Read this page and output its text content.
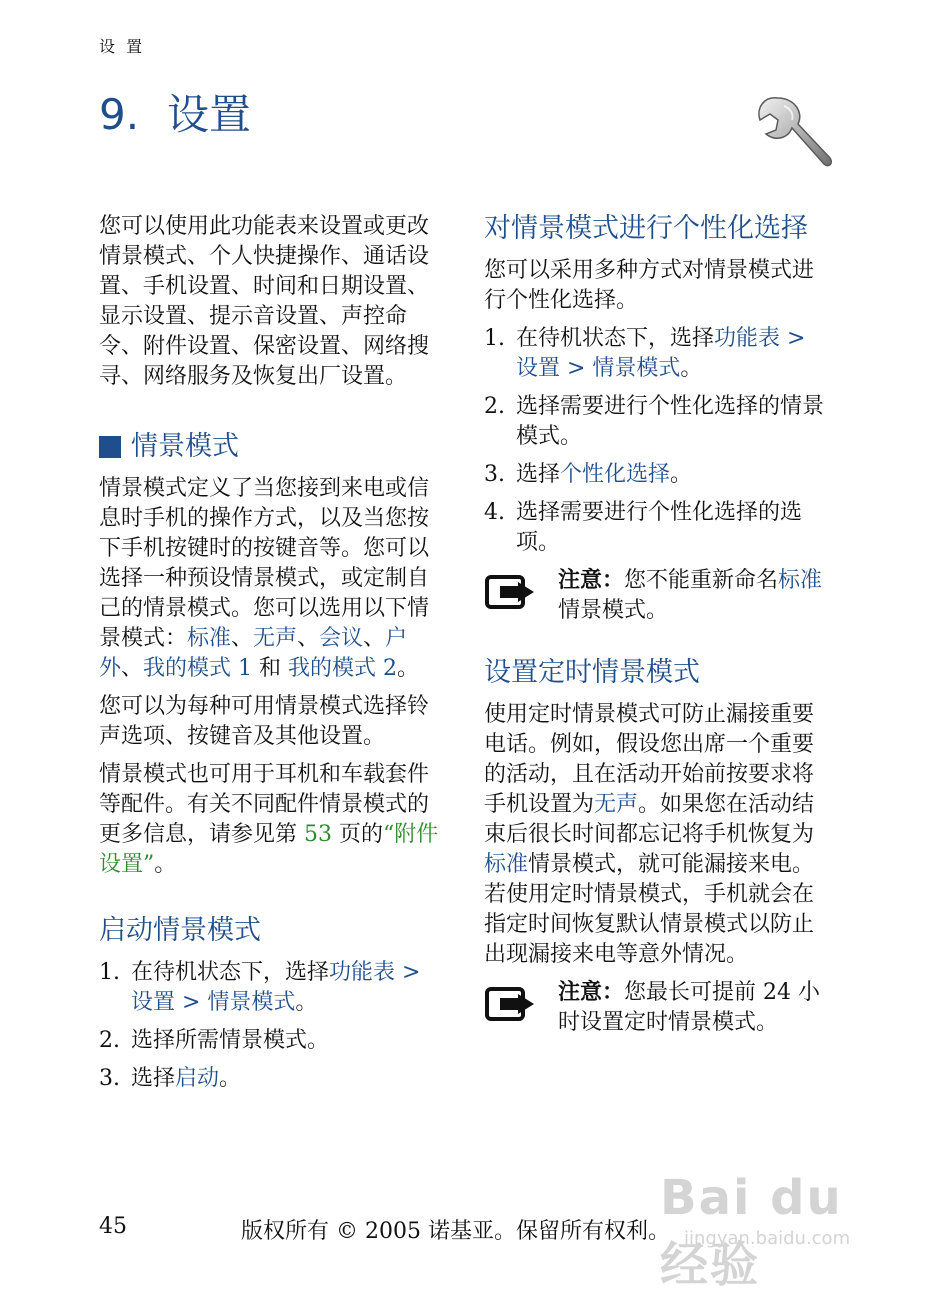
设 置
9. 设置

您可以使用此功能表来设置或更改情景模式、个人快捷操作、通话设置、手机设置、时间和日期设置、显示设置、提示音设置、声控命令、附件设置、保密设置、网络搜寻、网络服务及恢复出厂设置。

情景模式

情景模式定义了当您接到来电或信息时手机的操作方式，以及当您按下手机按键时的按键音等。您可以选择一种预设情景模式，或定制自己的情景模式。您可以选用以下情景模式：标准、无声、会议、户外、我的模式 1 和 我的模式 2。

您可以为每种可用情景模式选择铃声选项、按键音及其他设置。

情景模式也可用于耳机和车载套件等配件。有关不同配件情景模式的更多信息，请参见第 53 页的“附件设置”。

启动情景模式
1. 在待机状态下，选择功能表 > 设置 > 情景模式。
2. 选择所需情景模式。
3. 选择启动。
对情景模式进行个性化选择

您可以采用多种方式对情景模式进行个性化选择。

1. 在待机状态下，选择功能表 > 设置 > 情景模式。
2. 选择需要进行个性化选择的情景模式。
3. 选择个性化选择。
4. 选择需要进行个性化选择的选项。

注意：您不能重新命名标准情景模式。

设置定时情景模式

使用定时情景模式可防止漏接重要电话。例如，假设您出席一个重要的活动，且在活动开始前按要求将手机设置为无声。如果您在活动结束后很长时间都忘记将手机恢复为标准情景模式，就可能漏接来电。若使用定时情景模式，手机就会在指定时间恢复默认情景模式以防止出现漏接来电等意外情况。

注意：您最长可提前 24 小时设置定时情景模式。

45	版权所有 © 2005 诺基亚。保留所有权利。
Bai du 经验
jingyan.baidu.com
